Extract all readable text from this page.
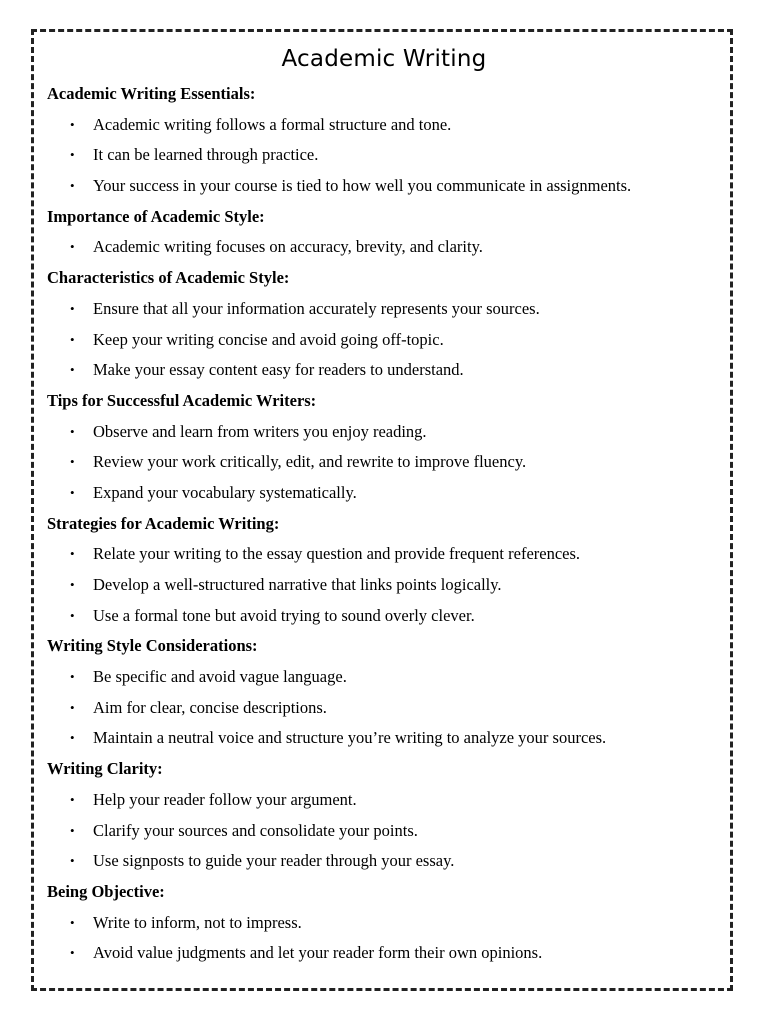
Academic Writing
Academic Writing Essentials:
• Academic writing follows a formal structure and tone.
• It can be learned through practice.
• Your success in your course is tied to how well you communicate in assignments.
Importance of Academic Style:
• Academic writing focuses on accuracy, brevity, and clarity.
Characteristics of Academic Style:
• Ensure that all your information accurately represents your sources.
• Keep your writing concise and avoid going off-topic.
• Make your essay content easy for readers to understand.
Tips for Successful Academic Writers:
• Observe and learn from writers you enjoy reading.
• Review your work critically, edit, and rewrite to improve fluency.
• Expand your vocabulary systematically.
Strategies for Academic Writing:
• Relate your writing to the essay question and provide frequent references.
• Develop a well-structured narrative that links points logically.
• Use a formal tone but avoid trying to sound overly clever.
Writing Style Considerations:
• Be specific and avoid vague language.
• Aim for clear, concise descriptions.
• Maintain a neutral voice and structure you’re writing to analyze your sources.
Writing Clarity:
• Help your reader follow your argument.
• Clarify your sources and consolidate your points.
• Use signposts to guide your reader through your essay.
Being Objective:
• Write to inform, not to impress.
• Avoid value judgments and let your reader form their own opinions.
